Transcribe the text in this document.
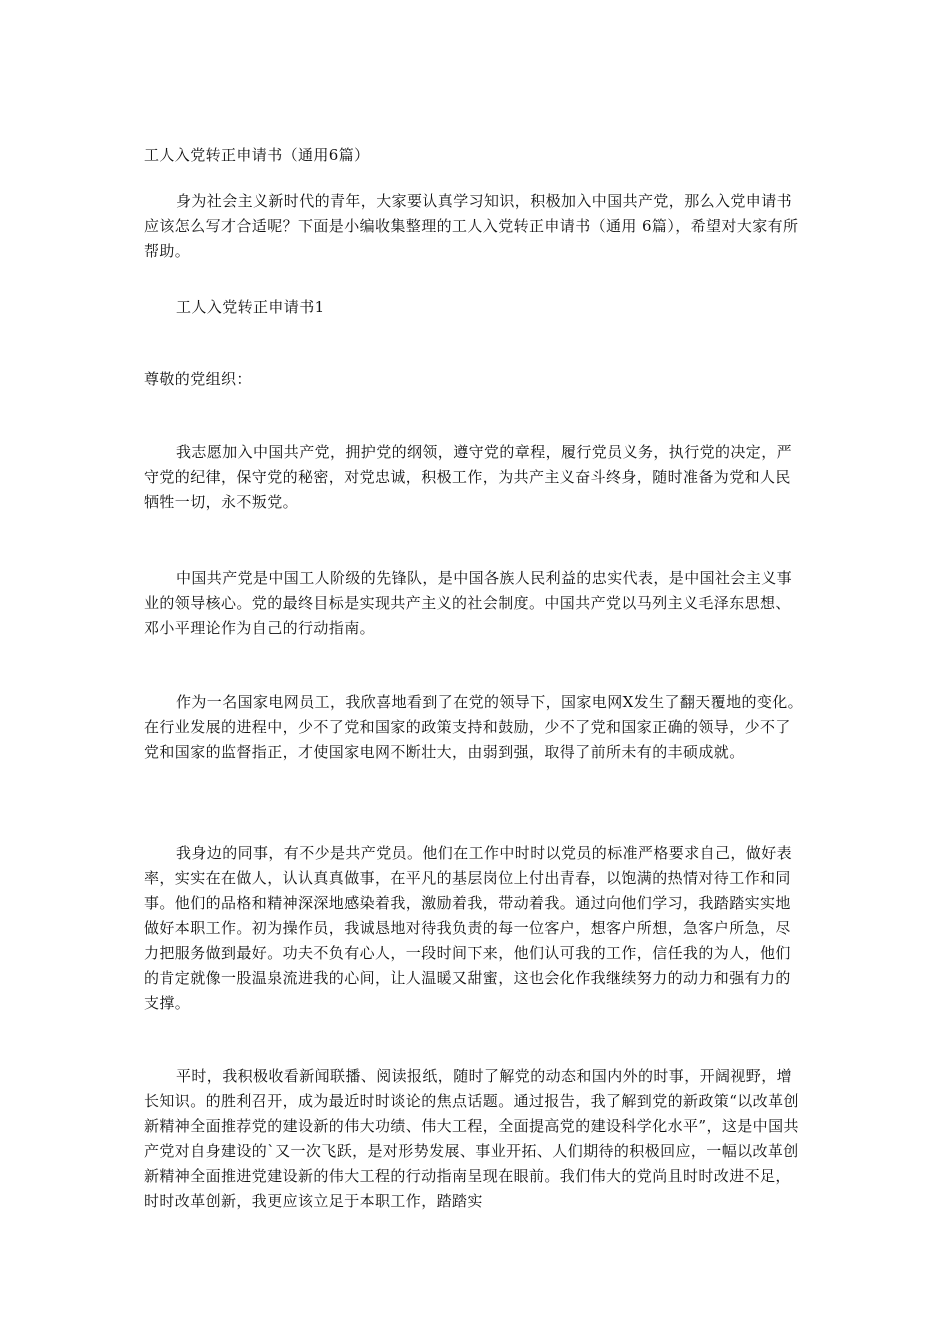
工人入党转正申请书（通用6篇）

身为社会主义新时代的青年，大家要认真学习知识，积极加入中国共产党，那么入党申请书应该怎么写才合适呢？下面是小编收集整理的工人入党转正申请书（通用 6篇），希望对大家有所帮助。

工人入党转正申请书1

尊敬的党组织：

我志愿加入中国共产党，拥护党的纲领，遵守党的章程，履行党员义务，执行党的决定，严守党的纪律，保守党的秘密，对党忠诚，积极工作，为共产主义奋斗终身，随时准备为党和人民牺牲一切，永不叛党。

中国共产党是中国工人阶级的先锋队，是中国各族人民利益的忠实代表，是中国社会主义事业的领导核心。党的最终目标是实现共产主义的社会制度。中国共产党以马列主义毛泽东思想、邓小平理论作为自己的行动指南。

作为一名国家电网员工，我欣喜地看到了在党的领导下，国家电网X发生了翻天覆地的变化。在行业发展的进程中，少不了党和国家的政策支持和鼓励，少不了党和国家正确的领导，少不了党和国家的监督指正，才使国家电网不断壮大，由弱到强，取得了前所未有的丰硕成就。

我身边的同事，有不少是共产党员。他们在工作中时时以党员的标准严格要求自己，做好表率，实实在在做人，认认真真做事，在平凡的基层岗位上付出青春，以饱满的热情对待工作和同事。他们的品格和精神深深地感染着我，激励着我，带动着我。通过向他们学习，我踏踏实实地做好本职工作。初为操作员，我诚恳地对待我负责的每一位客户，想客户所想，急客户所急，尽力把服务做到最好。功夫不负有心人，一段时间下来，他们认可我的工作，信任我的为人，他们的肯定就像一股温泉流进我的心间，让人温暖又甜蜜，这也会化作我继续努力的动力和强有力的支撑。

平时，我积极收看新闻联播、阅读报纸，随时了解党的动态和国内外的时事，开阔视野，增长知识。的胜利召开，成为最近时时谈论的焦点话题。通过报告，我了解到党的新政策“以改革创新精神全面推荐党的建设新的伟大功绩、伟大工程，全面提高党的建设科学化水平”，这是中国共产党对自身建设的`又一次飞跃，是对形势发展、事业开拓、人们期待的积极回应，一幅以改革创新精神全面推进党建设新的伟大工程的行动指南呈现在眼前。我们伟大的党尚且时时改进不足，时时改革创新，我更应该立足于本职工作，踏踏实
